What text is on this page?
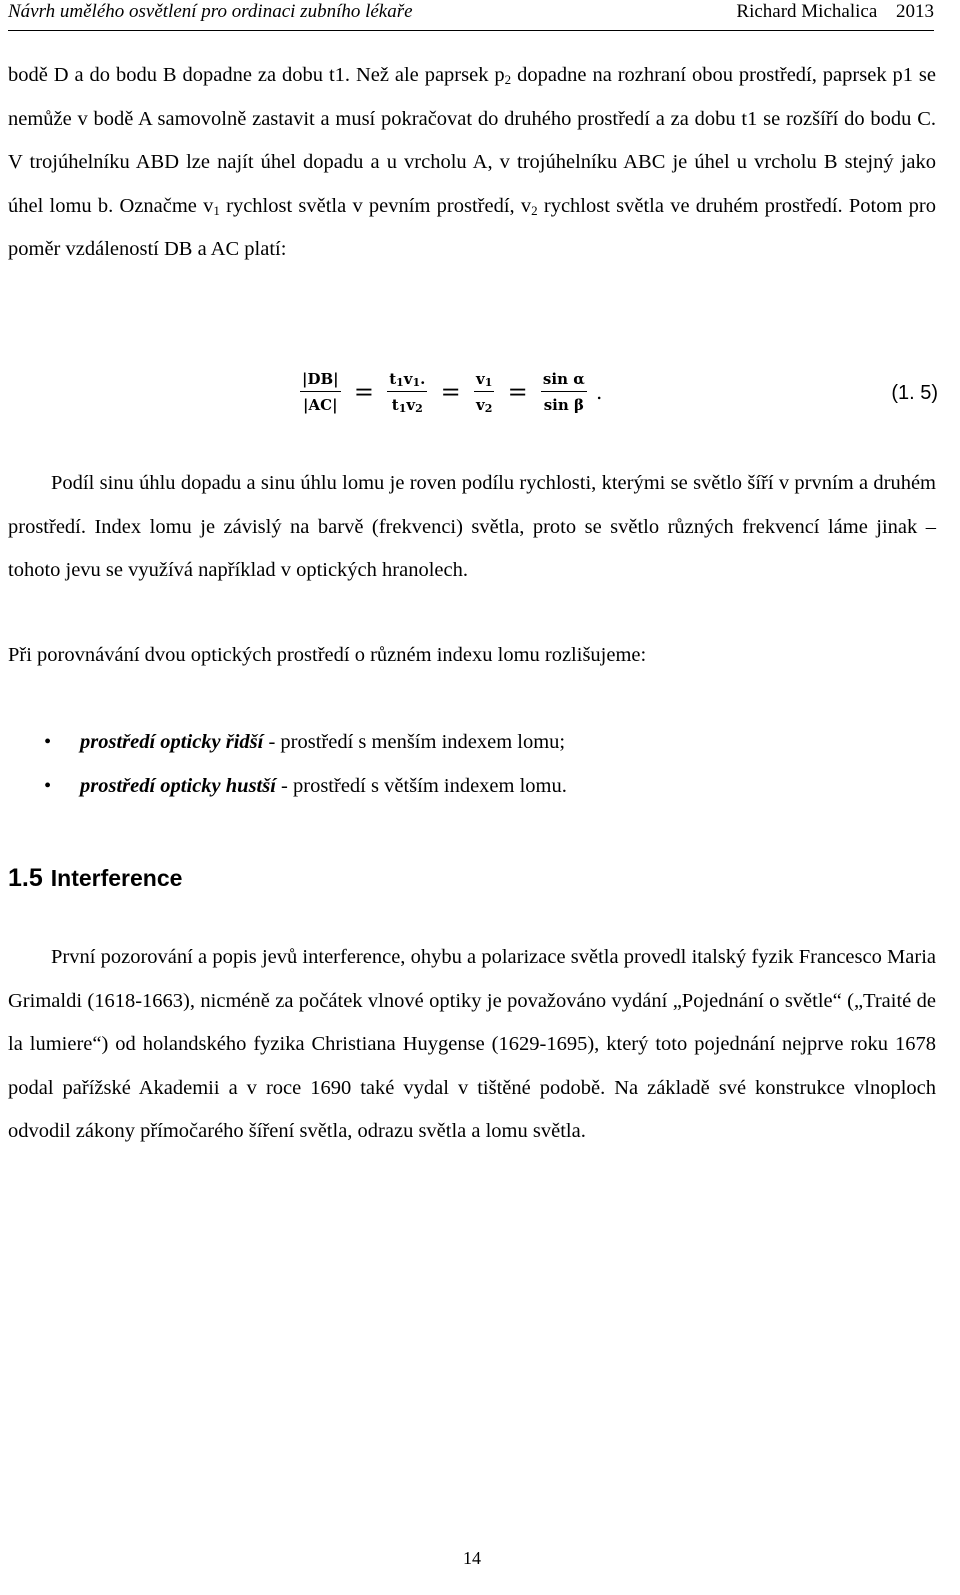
Návrh umělého osvětlení pro ordinaci zubního lékaře	Richard Michalica 2013

bodě D a do bodu B dopadne za dobu t1. Než ale paprsek $p_2$ dopadne na rozhraní obou prostředí, paprsek p1 se nemůže v bodě A samovolně zastavit a musí pokračovat do druhého prostředí a za dobu t1 se rozšíří do bodu C. V trojúhelníku ABD lze najít úhel dopadu a u vrcholu A, v trojúhelníku ABC je úhel u vrcholu B stejný jako úhel lomu b. Označme $v_1$ rychlost světla v pevním prostředí, $v_2$ rychlost světla ve druhém prostředí. Potom pro poměr vzdáleností DB a AC platí:

$\frac{|DB|}{|AC|} = \frac{t_1v_1.}{t_1v_2} = \frac{v_1}{v_2} = \frac{\text{sin α}}{\text{sin β}}$ .	(1. 5)

Podíl sinu úhlu dopadu a sinu úhlu lomu je roven podílu rychlosti, kterými se světlo šíří v prvním a druhém prostředí. Index lomu je závislý na barvě (frekvenci) světla, proto se světlo různých frekvencí láme jinak – tohoto jevu se využívá například v optických hranolech.

Při porovnávání dvou optických prostředí o různém indexu lomu rozlišujeme:

• prostředí opticky řidší - prostředí s menším indexem lomu;
• prostředí opticky hustší - prostředí s větším indexem lomu.
1.5 Interference

První pozorování a popis jevů interference, ohybu a polarizace světla provedl italský fyzik Francesco Maria Grimaldi (1618-1663), nicméně za počátek vlnové optiky je považováno vydání „Pojednání o světle“ („Traité de la lumiere“) od holandského fyzika Christiana Huygense (1629-1695), který toto pojednání nejprve roku 1678 podal pařížské Akademii a v roce 1690 také vydal v tištěné podobě. Na základě své konstrukce vlnoploch odvodil zákony přímočarého šíření světla, odrazu světla a lomu světla.

14
